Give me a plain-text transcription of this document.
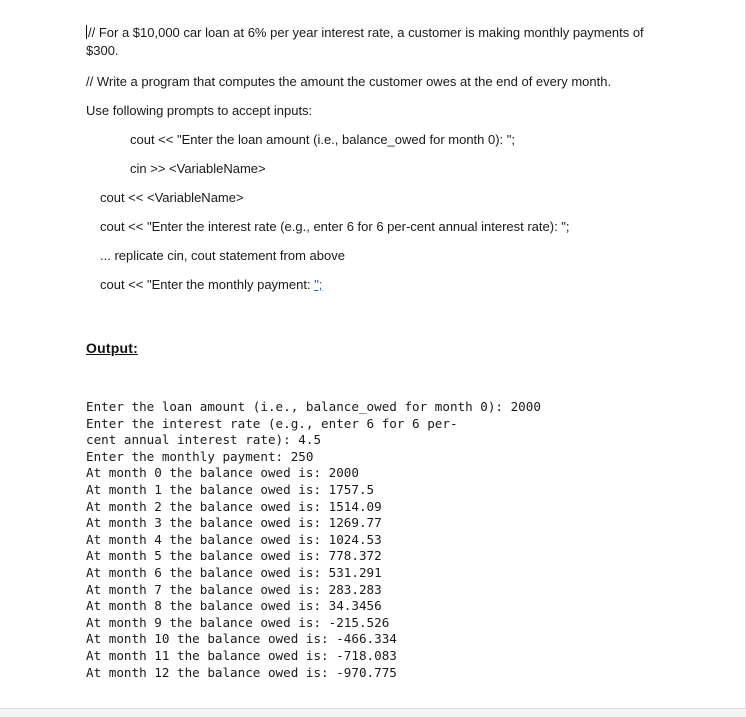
// For a $10,000 car loan at 6% per year interest rate, a customer is making monthly payments of $300.
// Write a program that computes the amount the customer owes at the end of every month.
Use following prompts to accept inputs:
cout << "Enter the loan amount (i.e., balance_owed for month 0): ";
cin >> <VariableName>
cout << <VariableName>
cout << "Enter the interest rate (e.g., enter 6 for 6 per-cent annual interest rate): ";
... replicate cin, cout statement from above
cout << "Enter the monthly payment: ";
Output:
Enter the loan amount (i.e., balance_owed for month 0): 2000
Enter the interest rate (e.g., enter 6 for 6 per-
cent annual interest rate): 4.5
Enter the monthly payment: 250
At month 0 the balance owed is: 2000
At month 1 the balance owed is: 1757.5
At month 2 the balance owed is: 1514.09
At month 3 the balance owed is: 1269.77
At month 4 the balance owed is: 1024.53
At month 5 the balance owed is: 778.372
At month 6 the balance owed is: 531.291
At month 7 the balance owed is: 283.283
At month 8 the balance owed is: 34.3456
At month 9 the balance owed is: -215.526
At month 10 the balance owed is: -466.334
At month 11 the balance owed is: -718.083
At month 12 the balance owed is: -970.775
